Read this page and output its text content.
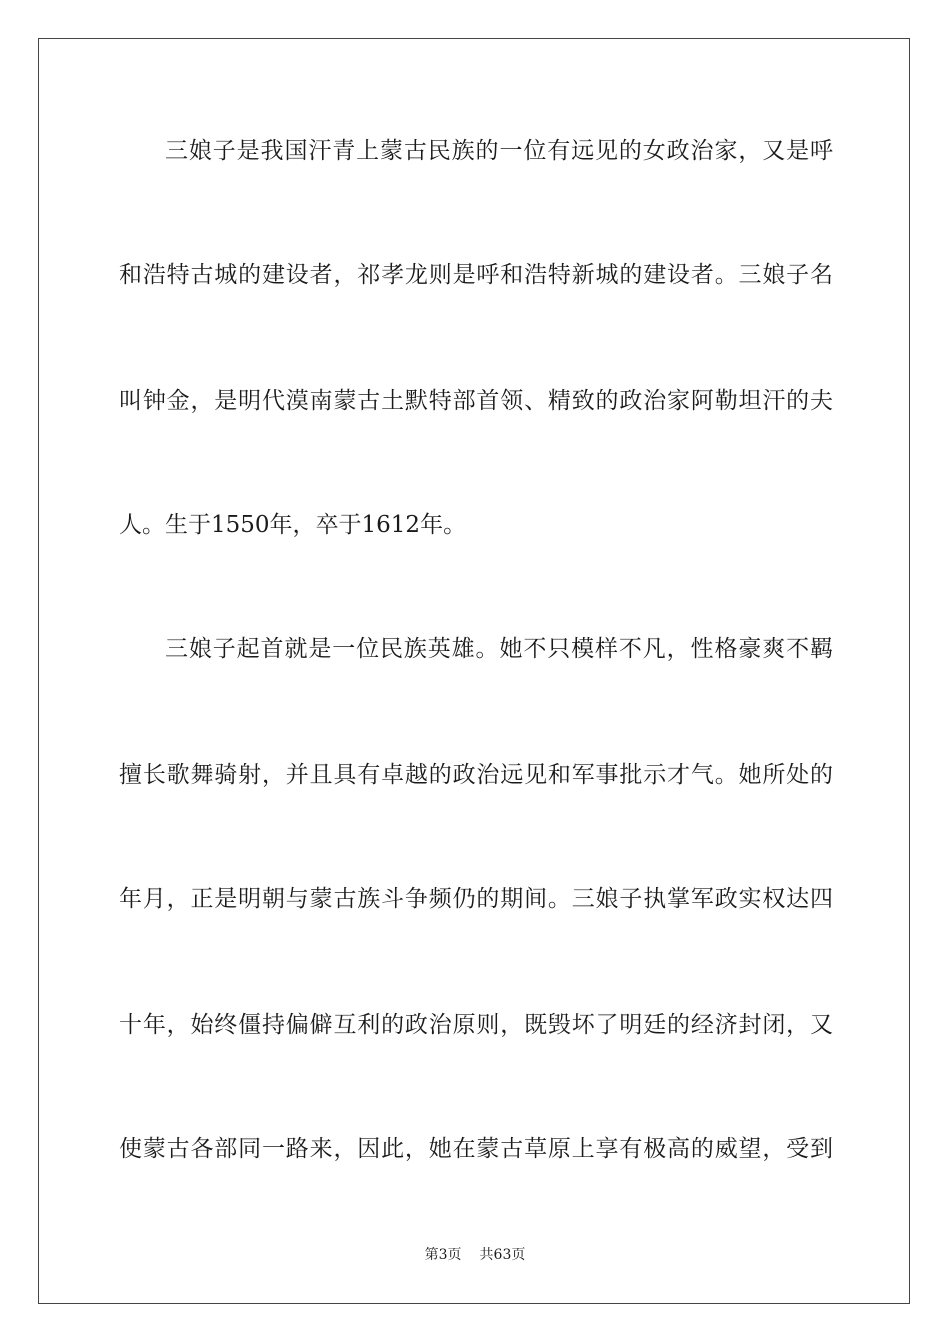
三娘子是我国汗青上蒙古民族的一位有远见的女政治家，又是呼
和浩特古城的建设者，祁孝龙则是呼和浩特新城的建设者。三娘子名
叫钟金，是明代漠南蒙古土默特部首领、精致的政治家阿勒坦汗的夫
人。生于1550年，卒于1612年。
三娘子起首就是一位民族英雄。她不只模样不凡，性格豪爽不羁
擅长歌舞骑射，并且具有卓越的政治远见和军事批示才气。她所处的
年月，正是明朝与蒙古族斗争频仍的期间。三娘子执掌军政实权达四
十年，始终僵持偏僻互利的政治原则，既毁坏了明廷的经济封闭，又
使蒙古各部同一路来，因此，她在蒙古草原上享有极高的威望，受到
第3页 共63页
